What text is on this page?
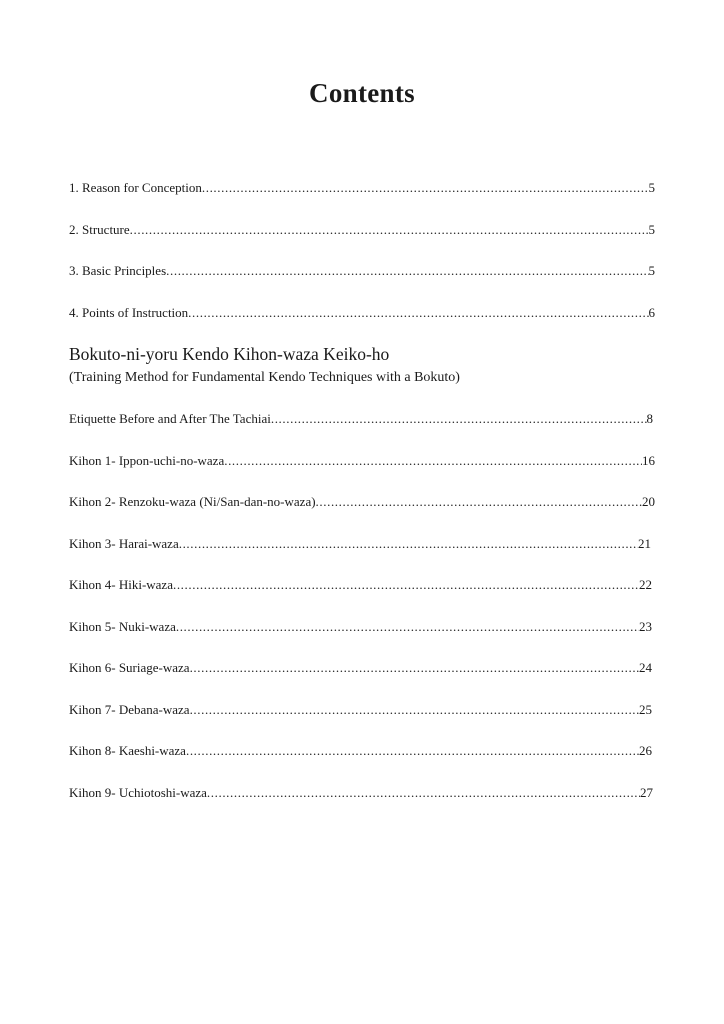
Contents
1. Reason for Conception .....	5
2. Structure .....	5
3. Basic Principles .....	5
4. Points of Instruction .....	6
Bokuto-ni-yoru Kendo Kihon-waza Keiko-ho
(Training Method for Fundamental Kendo Techniques with a Bokuto)
Etiquette Before and After The Tachiai .....	8
Kihon 1- Ippon-uchi-no-waza .....	16
Kihon 2- Renzoku-waza (Ni/San-dan-no-waza) .....	20
Kihon 3- Harai-waza .....	21
Kihon 4- Hiki-waza .....	22
Kihon 5- Nuki-waza .....	23
Kihon 6- Suriage-waza .....	24
Kihon 7- Debana-waza .....	25
Kihon 8- Kaeshi-waza .....	26
Kihon 9- Uchiotoshi-waza .....	27
